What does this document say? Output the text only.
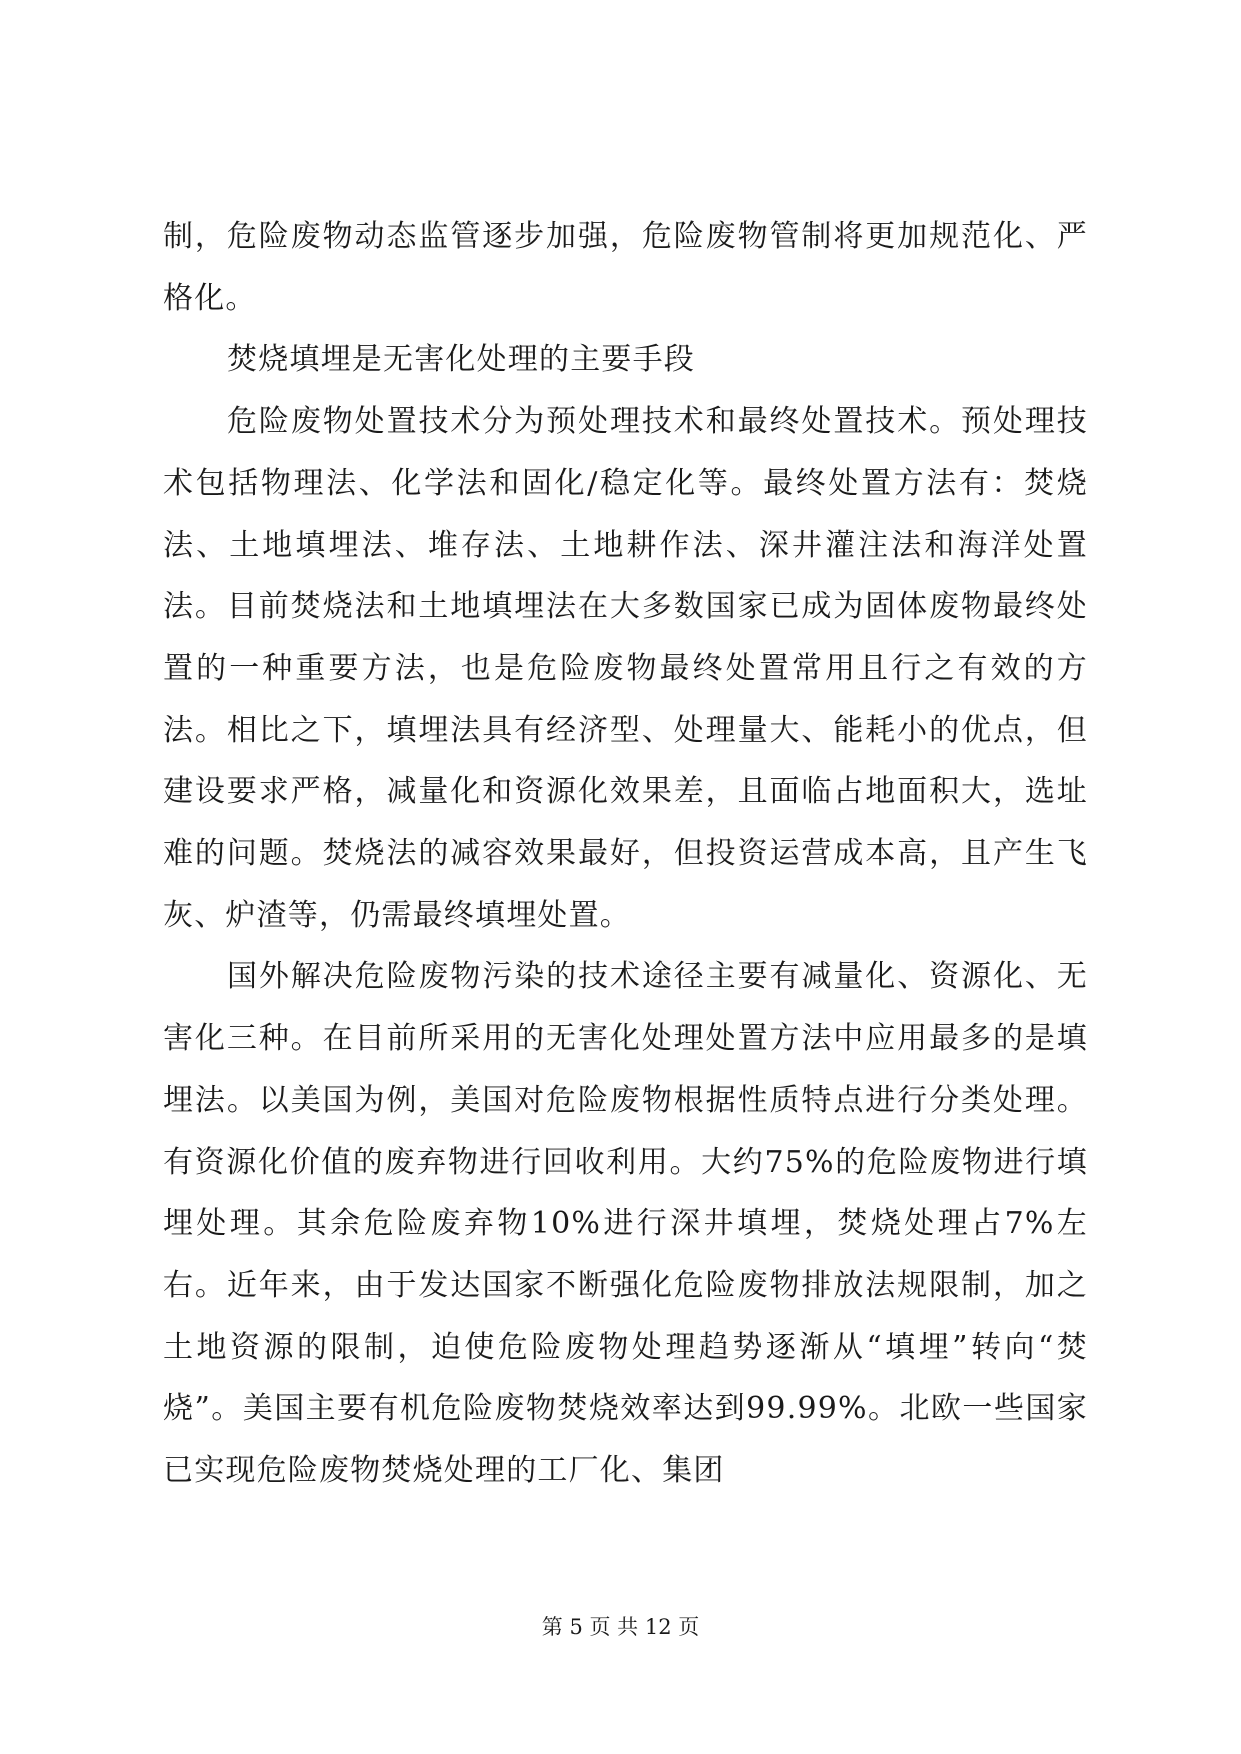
制，危险废物动态监管逐步加强，危险废物管制将更加规范化、严格化。

焚烧填埋是无害化处理的主要手段

危险废物处置技术分为预处理技术和最终处置技术。预处理技术包括物理法、化学法和固化/稳定化等。最终处置方法有：焚烧法、土地填埋法、堆存法、土地耕作法、深井灌注法和海洋处置法。目前焚烧法和土地填埋法在大多数国家已成为固体废物最终处置的一种重要方法，也是危险废物最终处置常用且行之有效的方法。相比之下，填埋法具有经济型、处理量大、能耗小的优点，但建设要求严格，减量化和资源化效果差，且面临占地面积大，选址难的问题。焚烧法的减容效果最好，但投资运营成本高，且产生飞灰、炉渣等，仍需最终填埋处置。

国外解决危险废物污染的技术途径主要有减量化、资源化、无害化三种。在目前所采用的无害化处理处置方法中应用最多的是填埋法。以美国为例，美国对危险废物根据性质特点进行分类处理。有资源化价值的废弃物进行回收利用。大约75%的危险废物进行填埋处理。其余危险废弃物10%进行深井填埋，焚烧处理占7%左右。近年来，由于发达国家不断强化危险废物排放法规限制，加之土地资源的限制，迫使危险废物处理趋势逐渐从“填埋”转向“焚烧”。美国主要有机危险废物焚烧效率达到99.99%。北欧一些国家已实现危险废物焚烧处理的工厂化、集团

第 5 页 共 12 页
